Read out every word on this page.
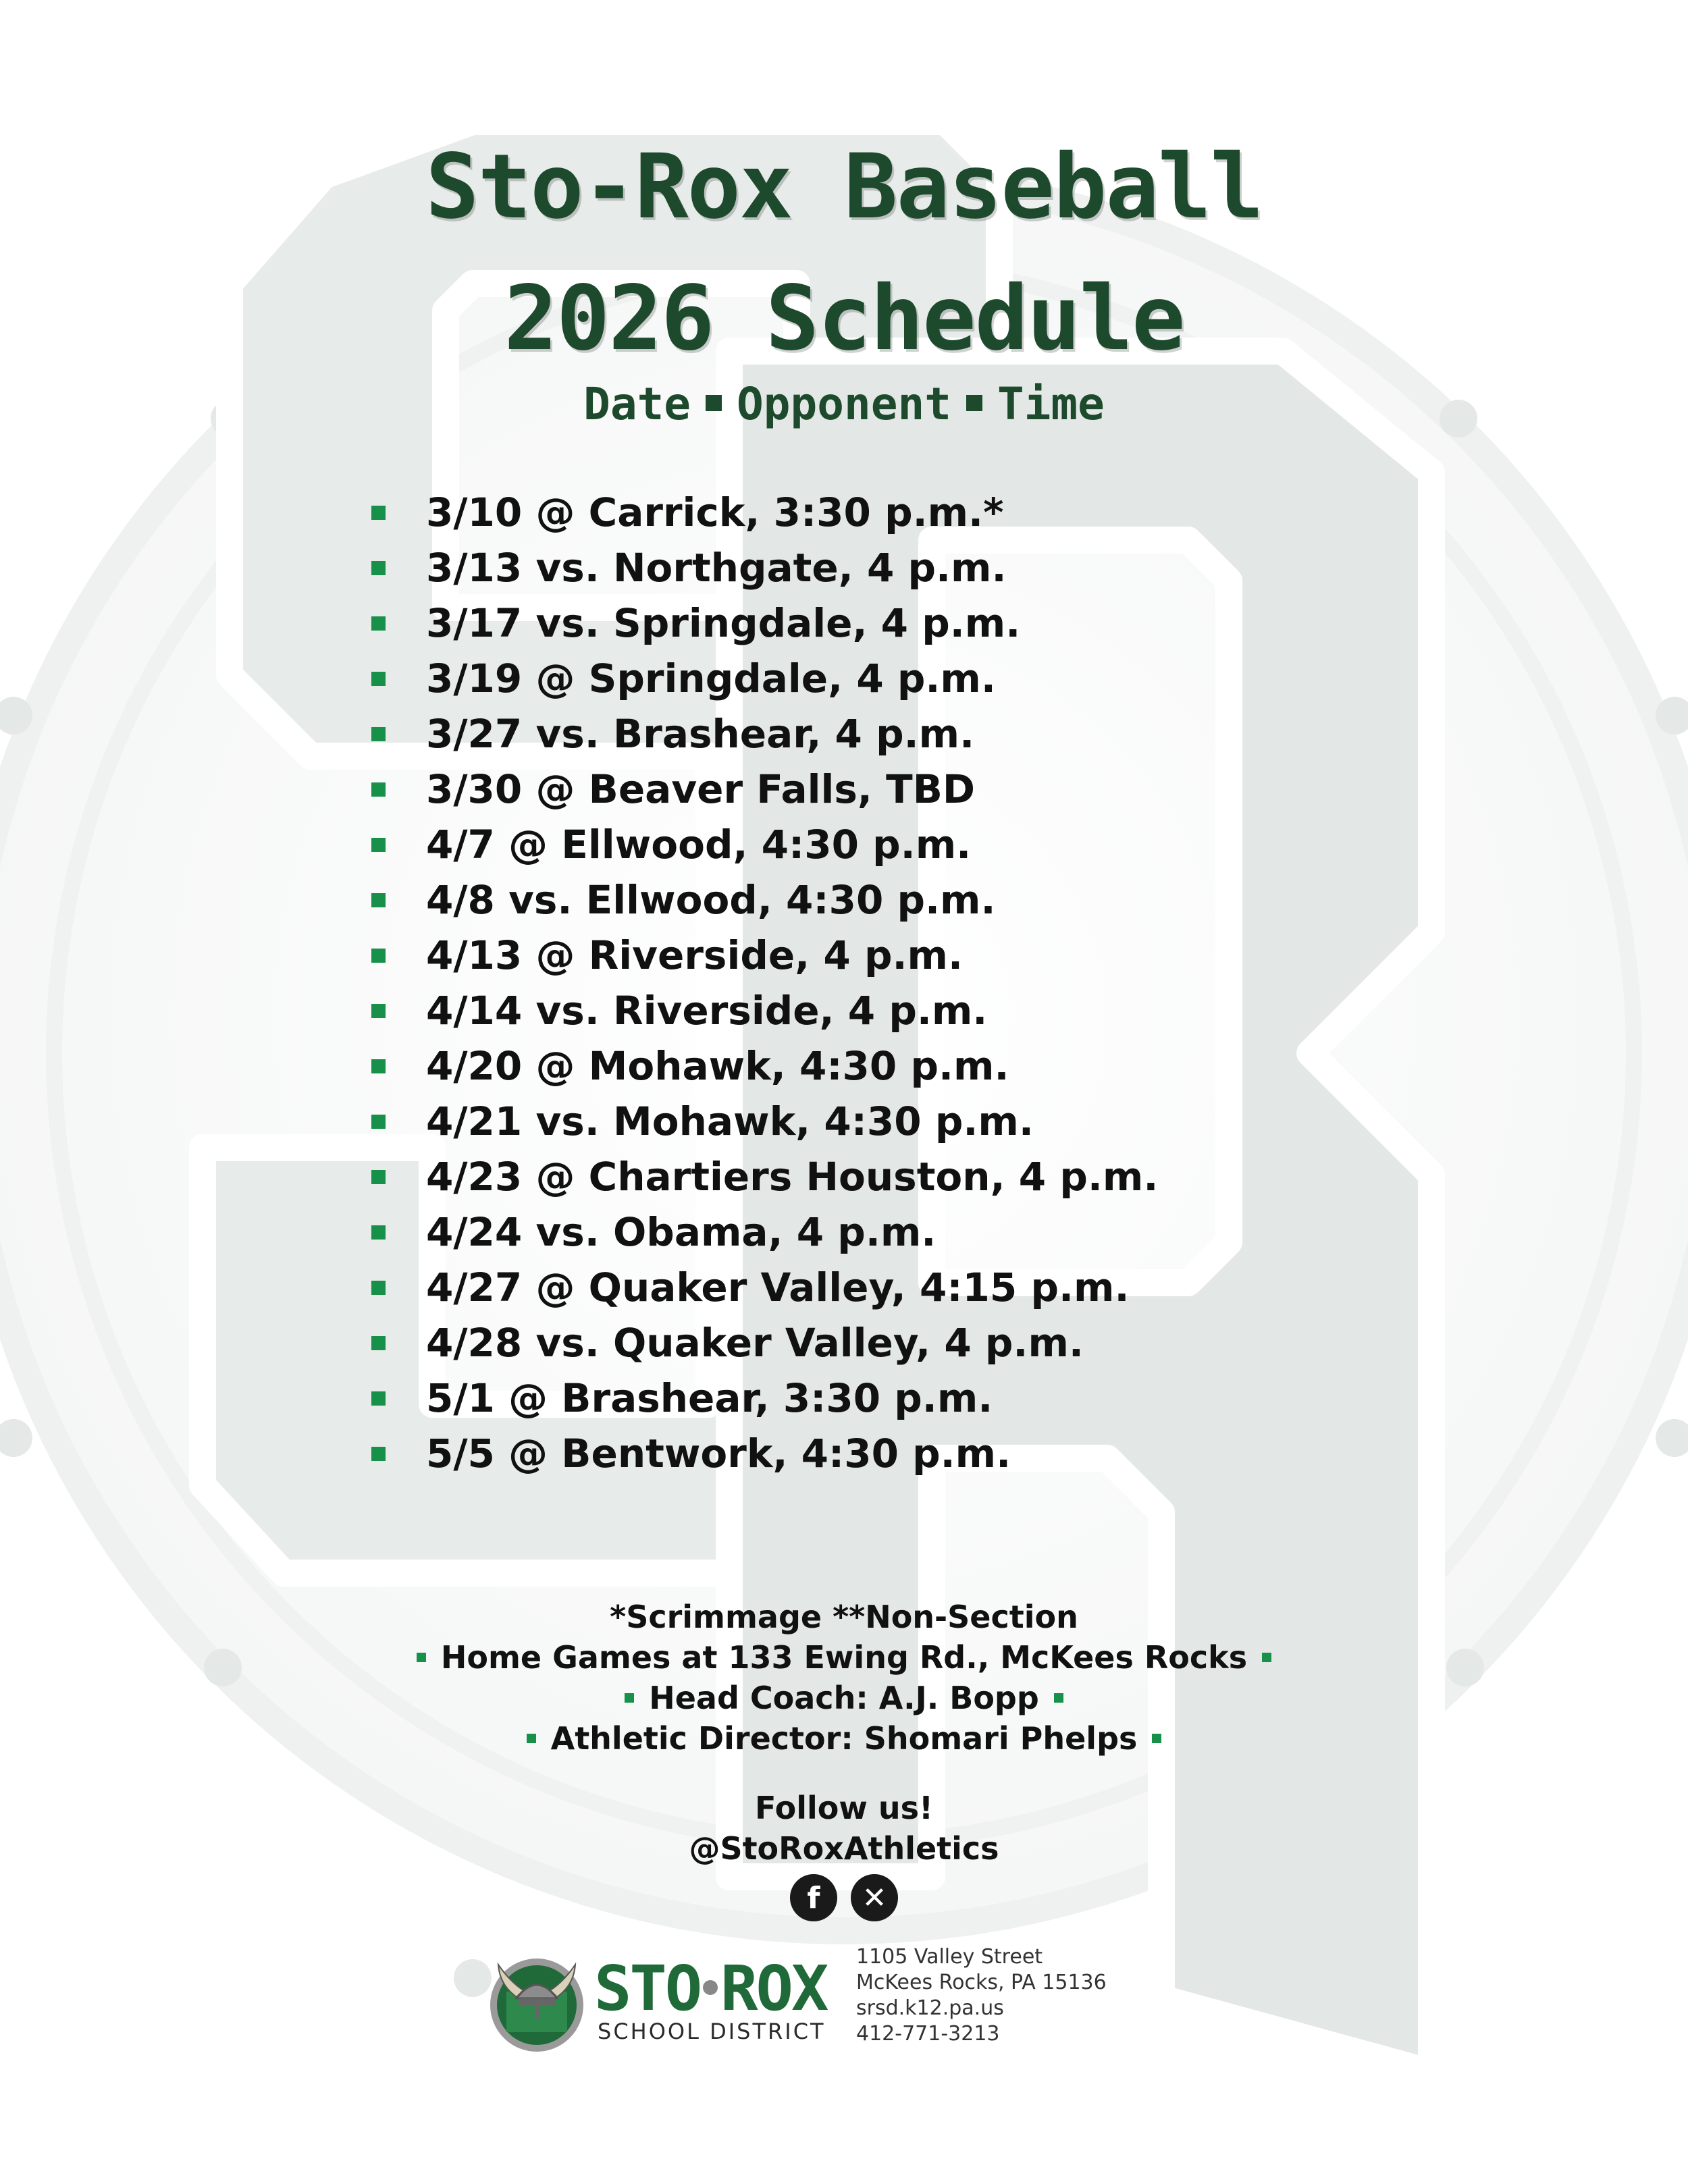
Sto-Rox Baseball
2026 Schedule
Date Opponent Time
3/10 @ Carrick, 3:30 p.m.*
3/13 vs. Northgate, 4 p.m.
3/17 vs. Springdale, 4 p.m.
3/19 @ Springdale, 4 p.m.
3/27 vs. Brashear, 4 p.m.
3/30 @ Beaver Falls, TBD
4/7 @ Ellwood, 4:30 p.m.
4/8 vs. Ellwood, 4:30 p.m.
4/13 @ Riverside, 4 p.m.
4/14 vs. Riverside, 4 p.m.
4/20 @ Mohawk, 4:30 p.m.
4/21 vs. Mohawk, 4:30 p.m.
4/23 @ Chartiers Houston, 4 p.m.
4/24 vs. Obama, 4 p.m.
4/27 @ Quaker Valley, 4:15 p.m.
4/28 vs. Quaker Valley, 4 p.m.
5/1 @ Brashear, 3:30 p.m.
5/5 @ Bentwork, 4:30 p.m.
*Scrimmage **Non-Section
Home Games at 133 Ewing Rd., McKees Rocks
Head Coach: A.J. Bopp
Athletic Director: Shomari Phelps
Follow us!
@StoRoxAthletics
f	✕
STO ROX
SCHOOL DISTRICT
1105 Valley Street
McKees Rocks, PA 15136
srsd.k12.pa.us
412-771-3213
